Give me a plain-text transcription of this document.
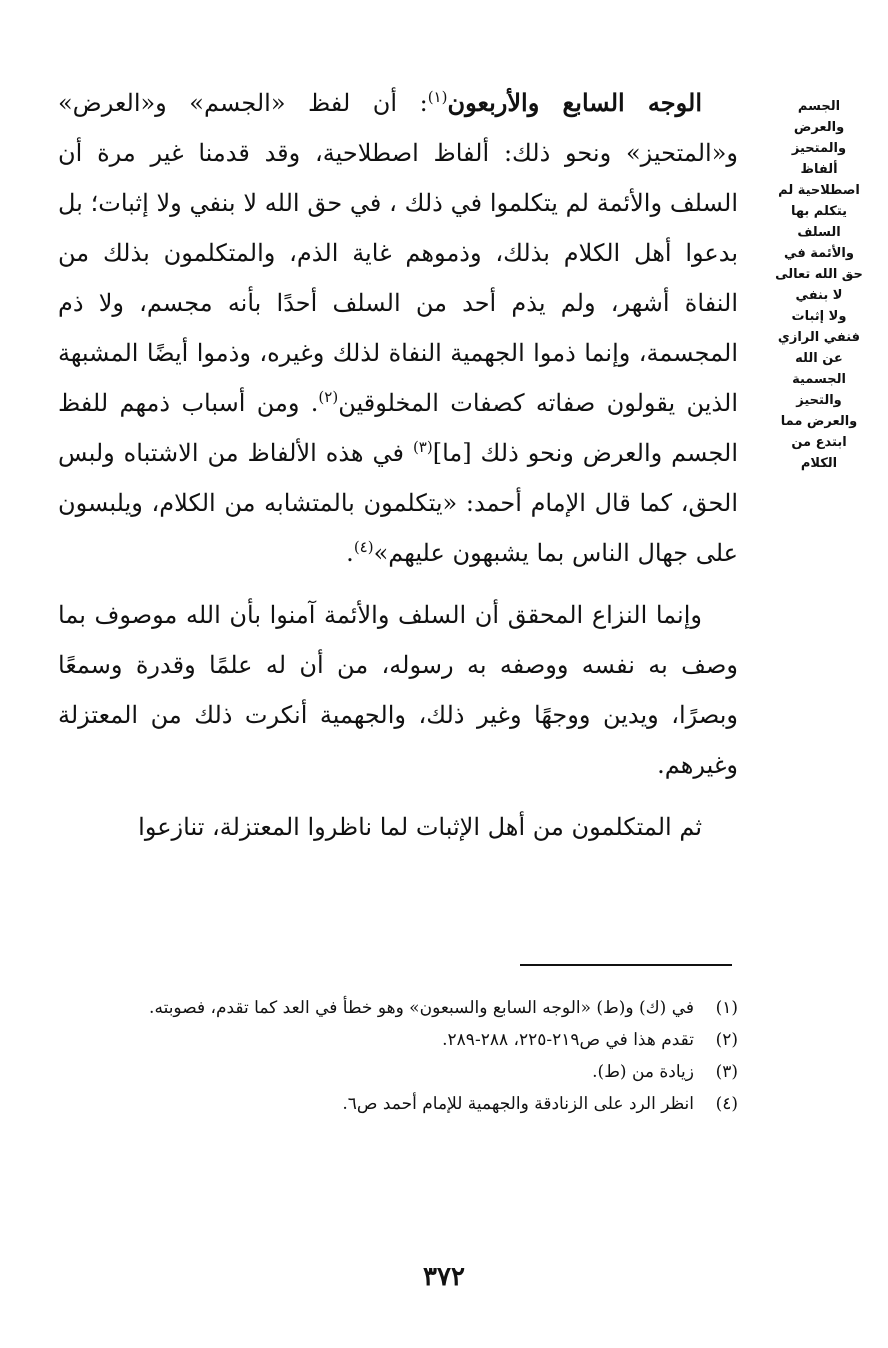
الجسم
والعرض
والمتحيز
ألفاظ
اصطلاحية لم
يتكلم بها
السلف
والأئمة في
حق الله تعالى
لا بنفي
ولا إثبات
فنفي الرازي
عن الله
الجسمية
والتحيز
والعرض مما
ابتدع من
الكلام

الوجه السابع والأربعون$^{(١)}$: أن لفظ «الجسم» و«العرض» و«المتحيز» ونحو ذلك: ألفاظ اصطلاحية، وقد قدمنا غير مرة أن السلف والأئمة لم يتكلموا في ذلك ، في حق الله لا بنفي ولا إثبات؛ بل بدعوا أهل الكلام بذلك، وذموهم غاية الذم، والمتكلمون بذلك من النفاة أشهر، ولم يذم أحد من السلف أحدًا بأنه مجسم، ولا ذم المجسمة، وإنما ذموا الجهمية النفاة لذلك وغيره، وذموا أيضًا المشبهة الذين يقولون صفاته كصفات المخلوقين$^{(٢)}$. ومن أسباب ذمهم للفظ الجسم والعرض ونحو ذلك [ما]$^{(٣)}$ في هذه الألفاظ من الاشتباه ولبس الحق، كما قال الإمام أحمد: «يتكلمون بالمتشابه من الكلام، ويلبسون على جهال الناس بما يشبهون عليهم»$^{(٤)}$.

وإنما النزاع المحقق أن السلف والأئمة آمنوا بأن الله موصوف بما وصف به نفسه ووصفه به رسوله، من أن له علمًا وقدرة وسمعًا وبصرًا، ويدين ووجهًا وغير ذلك، والجهمية أنكرت ذلك من المعتزلة وغيرهم.

ثم المتكلمون من أهل الإثبات لما ناظروا المعتزلة، تنازعوا

(١)
في (ك) و(ط) «الوجه السابع والسبعون» وهو خطأ في العد كما تقدم، فصوبته.
(٢)
تقدم هذا في ص٢١٩-٢٢٥، ٢٨٨-٢٨٩.
(٣)
زيادة من (ط).
(٤)
انظر الرد على الزنادقة والجهمية للإمام أحمد ص٦.
٣٧٢
